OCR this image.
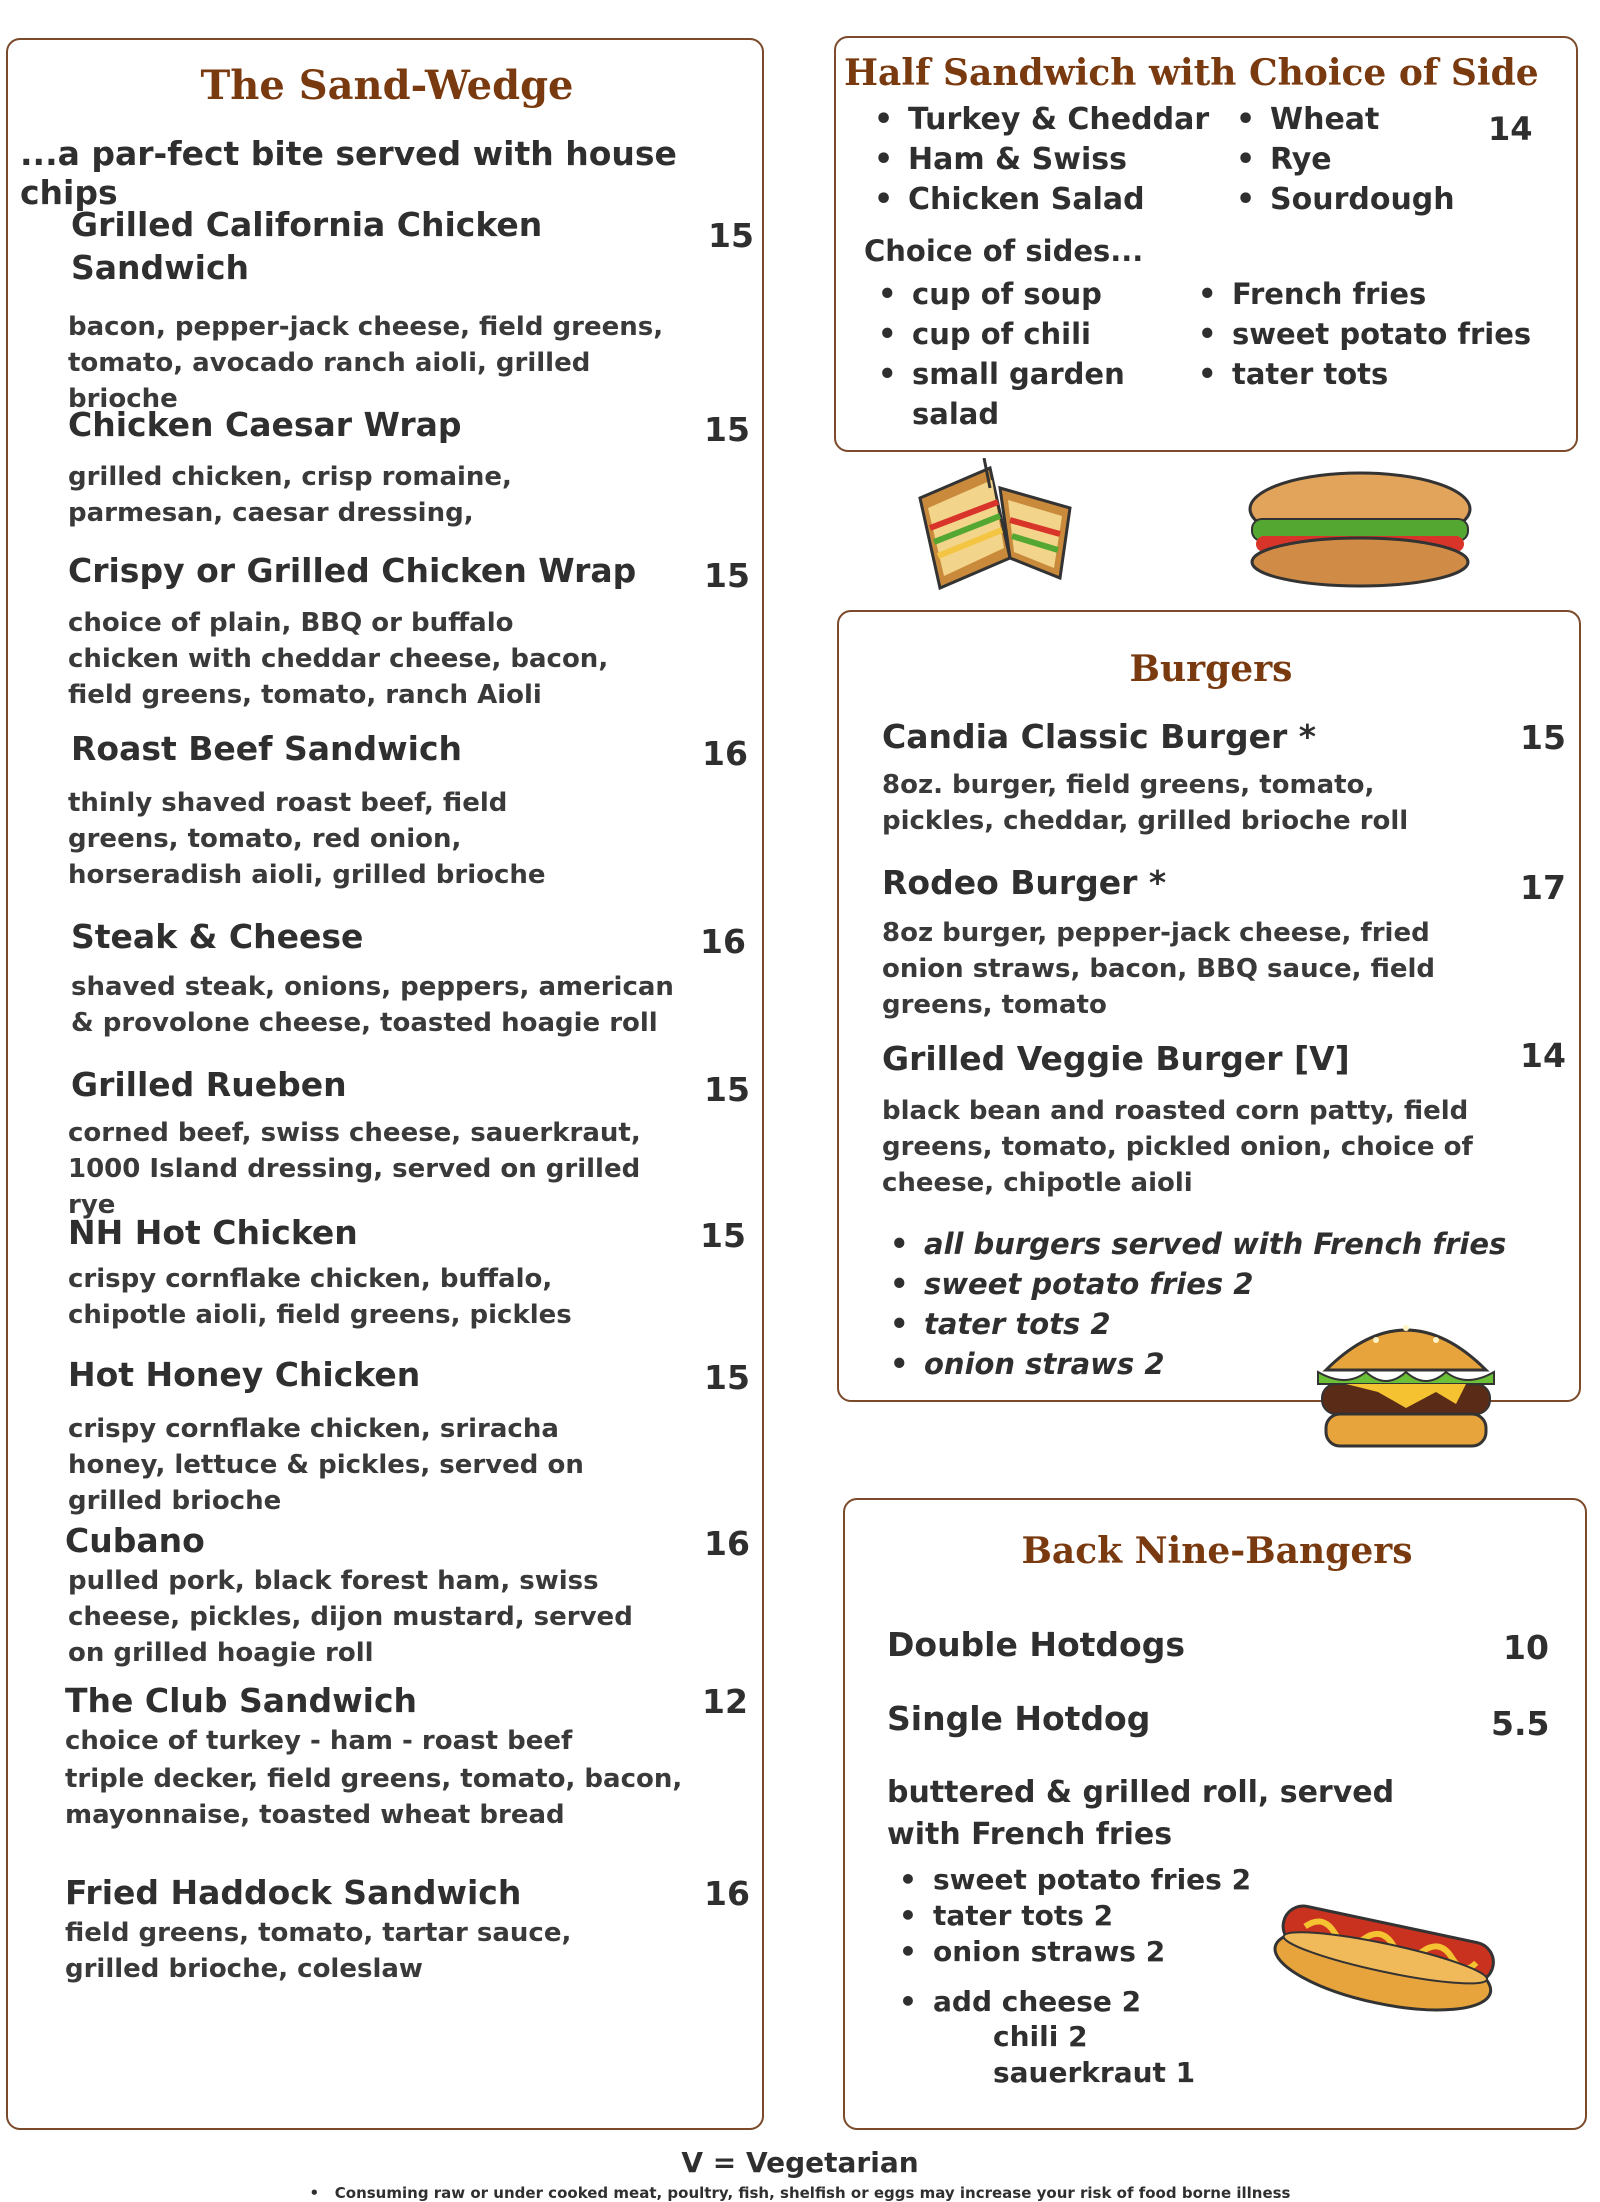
The Sand-Wedge
...a par-fect bite served with house chips
Grilled California Chicken Sandwich
15
bacon, pepper-jack cheese, field greens, tomato, avocado ranch aioli, grilled brioche
Chicken Caesar Wrap	15
grilled chicken, crisp romaine, parmesan, caesar dressing,
Crispy or Grilled Chicken Wrap 15
choice of plain, BBQ or buffalo chicken with cheddar cheese, bacon, field greens, tomato, ranch Aioli
Roast Beef Sandwich	16
thinly shaved roast beef, field greens, tomato, red onion, horseradish aioli, grilled brioche
Steak & Cheese	16
shaved steak, onions, peppers, american & provolone cheese, toasted hoagie roll
Grilled Rueben	15
corned beef, swiss cheese, sauerkraut, 1000 Island dressing, served on grilled rye
NH Hot Chicken	15
crispy cornflake chicken, buffalo, chipotle aioli, field greens, pickles
Hot Honey Chicken	15
crispy cornflake chicken, sriracha honey, lettuce & pickles, served on grilled brioche
Cubano	16
pulled pork, black forest ham, swiss cheese, pickles, dijon mustard, served on grilled hoagie roll
The Club Sandwich	12
choice of turkey - ham - roast beef
triple decker, field greens, tomato, bacon, mayonnaise, toasted wheat bread
Fried Haddock Sandwich	16
field greens, tomato, tartar sauce, grilled brioche, coleslaw
Half Sandwich with Choice of Side
• Turkey & Cheddar
• Ham & Swiss
• Chicken Salad
• Wheat
• Rye
• Sourdough
14
Choice of sides...
• cup of soup
• cup of chili
• small garden salad
• French fries
• sweet potato fries
• tater tots
Burgers
Candia Classic Burger *	15
8oz. burger, field greens, tomato, pickles, cheddar, grilled brioche roll
Rodeo Burger *	17
8oz burger, pepper-jack cheese, fried onion straws, bacon, BBQ sauce, field greens, tomato
Grilled Veggie Burger [V]	14
black bean and roasted corn patty, field greens, tomato, pickled onion, choice of cheese, chipotle aioli
• all burgers served with French fries
• sweet potato fries 2
• tater tots 2
• onion straws 2
Back Nine-Bangers
Double Hotdogs	10
Single Hotdog	5.5
buttered & grilled roll, served with French fries
• sweet potato fries 2
• tater tots 2
• onion straws 2
• add cheese 2
chili 2
sauerkraut 1
V = Vegetarian
•   Consuming raw or under cooked meat, poultry, fish, shelfish or eggs may increase your risk of food borne illness
